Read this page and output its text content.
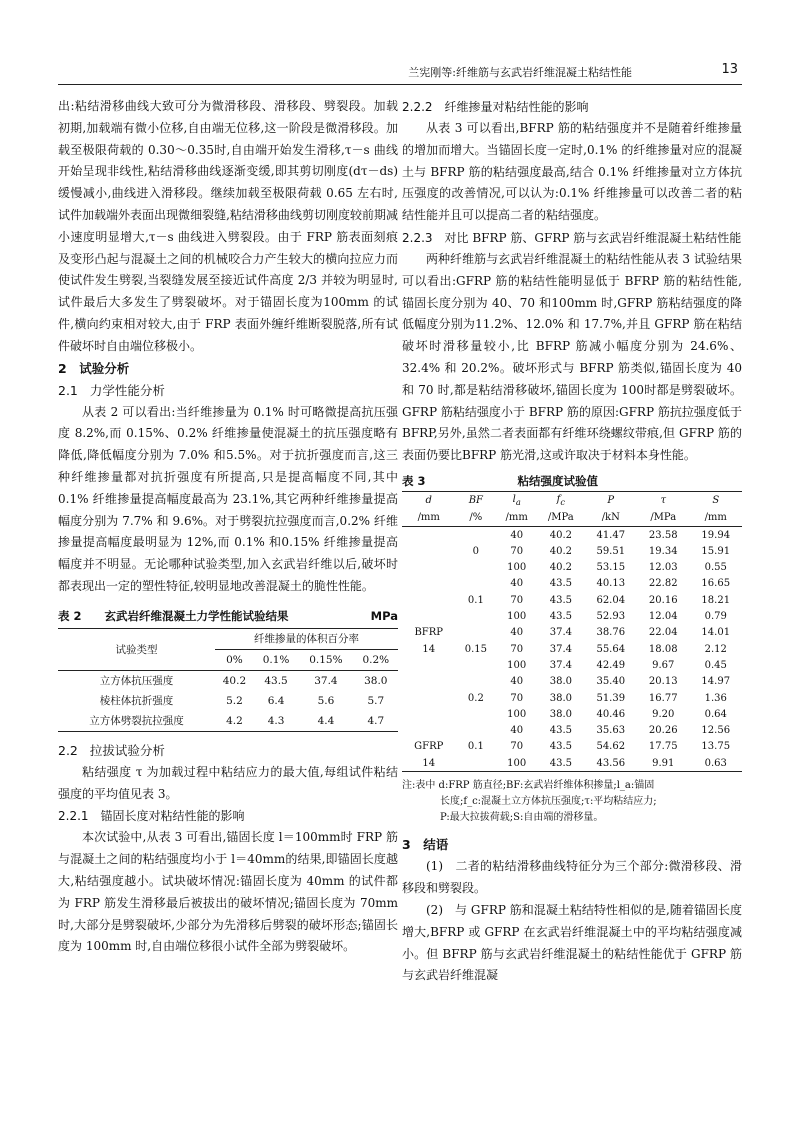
兰宪刚等:纤维筋与玄武岩纤维混凝土粘结性能	13

出:粘结滑移曲线大致可分为微滑移段、滑移段、劈裂段。加载初期,加载端有微小位移,自由端无位移,这一阶段是微滑移段。加载至极限荷载的 0.30～0.35时,自由端开始发生滑移,τ－s 曲线开始呈现非线性,粘结滑移曲线逐渐变缓,即其剪切刚度(dτ－ds)缓慢减小,曲线进入滑移段。继续加载至极限荷载 0.65 左右时,试件加载端外表面出现微细裂缝,粘结滑移曲线剪切刚度较前期减小速度明显增大,τ－s 曲线进入劈裂段。由于 FRP 筋表面刻痕及变形凸起与混凝土之间的机械咬合力产生较大的横向拉应力而使试件发生劈裂,当裂缝发展至接近试件高度 2/3 并较为明显时,试件最后大多发生了劈裂破坏。对于锚固长度为100mm 的试件,横向约束相对较大,由于 FRP 表面外缠纤维断裂脱落,所有试件破坏时自由端位移极小。

2　试验分析
2.1 力学性能分析

从表 2 可以看出:当纤维掺量为 0.1% 时可略微提高抗压强度 8.2%,而 0.15%、0.2% 纤维掺量使混凝土的抗压强度略有降低,降低幅度分别为 7.0% 和5.5%。对于抗折强度而言,这三种纤维掺量都对抗折强度有所提高,只是提高幅度不同,其中 0.1% 纤维掺量提高幅度最高为 23.1%,其它两种纤维掺量提高幅度分别为 7.7% 和 9.6%。对于劈裂抗拉强度而言,0.2% 纤维掺量提高幅度最明显为 12%,而 0.1% 和0.15% 纤维掺量提高幅度并不明显。无论哪种试验类型,加入玄武岩纤维以后,破坏时都表现出一定的塑性特征,较明显地改善混凝土的脆性性能。

表 2　　玄武岩纤维混凝土力学性能试验结果	MPa
试验类型	纤维掺量的体积百分率			
	0%	0.1%	0.15%	0.2%
立方体抗压强度	40.2	43.5	37.4	38.0
棱柱体抗折强度	5.2	6.4	5.6	5.7
立方体劈裂抗拉强度	4.2	4.3	4.4	4.7
2.2 拉拔试验分析

粘结强度 τ 为加载过程中粘结应力的最大值,每组试件粘结强度的平均值见表 3。

2.2.1 锚固长度对粘结性能的影响

本次试验中,从表 3 可看出,锚固长度 l＝100mm时 FRP 筋与混凝土之间的粘结强度均小于 l＝40mm的结果,即锚固长度越大,粘结强度越小。试块破坏情况:锚固长度为 40mm 的试件都为 FRP 筋发生滑移最后被拔出的破坏情况;锚固长度为 70mm 时,大部分是劈裂破坏,少部分为先滑移后劈裂的破坏形态;锚固长度为 100mm 时,自由端位移很小试件全部为劈裂破坏。

2.2.2 纤维掺量对粘结性能的影响

从表 3 可以看出,BFRP 筋的粘结强度并不是随着纤维掺量的增加而增大。当锚固长度一定时,0.1% 的纤维掺量对应的混凝土与 BFRP 筋的粘结强度最高,结合 0.1% 纤维掺量对立方体抗压强度的改善情况,可以认为:0.1% 纤维掺量可以改善二者的粘结性能并且可以提高二者的粘结强度。

2.2.3 对比 BFRP 筋、GFRP 筋与玄武岩纤维混凝土粘结性能

两种纤维筋与玄武岩纤维混凝土的粘结性能从表 3 试验结果可以看出:GFRP 筋的粘结性能明显低于 BFRP 筋的粘结性能,锚固长度分别为 40、70 和100mm 时,GFRP 筋粘结强度的降低幅度分别为11.2%、12.0% 和 17.7%,并且 GFRP 筋在粘结破坏时滑移量较小,比 BFRP 筋减小幅度分别为 24.6%、32.4% 和 20.2%。破坏形式与 BFRP 筋类似,锚固长度为 40 和 70 时,都是粘结滑移破坏,锚固长度为 100时都是劈裂破坏。GFRP 筋粘结强度小于 BFRP 筋的原因:GFRP 筋抗拉强度低于 BFRP,另外,虽然二者表面都有纤维环绕螺纹带痕,但 GFRP 筋的表面仍要比BFRP 筋光滑,这或许取决于材料本身性能。

表 3	粘结强度试验值
d	BF	$l_a$	$f_c$	P	τ	S
/mm	/%	/mm	/MPa	/kN	/MPa	/mm
		40	40.2	41.47	23.58	19.94
	0	70	40.2	59.51	19.34	15.91
		100	40.2	53.15	12.03	0.55
		40	43.5	40.13	22.82	16.65
	0.1	70	43.5	62.04	20.16	18.21
		100	43.5	52.93	12.04	0.79
BFRP		40	37.4	38.76	22.04	14.01
14	0.15	70	37.4	55.64	18.08	2.12
		100	37.4	42.49	9.67	0.45
		40	38.0	35.40	20.13	14.97
	0.2	70	38.0	51.39	16.77	1.36
		100	38.0	40.46	9.20	0.64
		40	43.5	35.63	20.26	12.56
GFRP	0.1	70	43.5	54.62	17.75	13.75
14		100	43.5	43.56	9.91	0.63
注:表中 d:FRP 筋直径;BF:玄武岩纤维体积掺量;l_a:锚固
长度;f_c:混凝土立方体抗压强度;τ:平均粘结应力;
P:最大拉拔荷载;S:自由端的滑移量。
3　结语

(1)　二者的粘结滑移曲线特征分为三个部分:微滑移段、滑移段和劈裂段。

(2)　与 GFRP 筋和混凝土粘结特性相似的是,随着锚固长度增大,BFRP 或 GFRP 在玄武岩纤维混凝土中的平均粘结强度减小。但 BFRP 筋与玄武岩纤维混凝土的粘结性能优于 GFRP 筋与玄武岩纤维混凝
